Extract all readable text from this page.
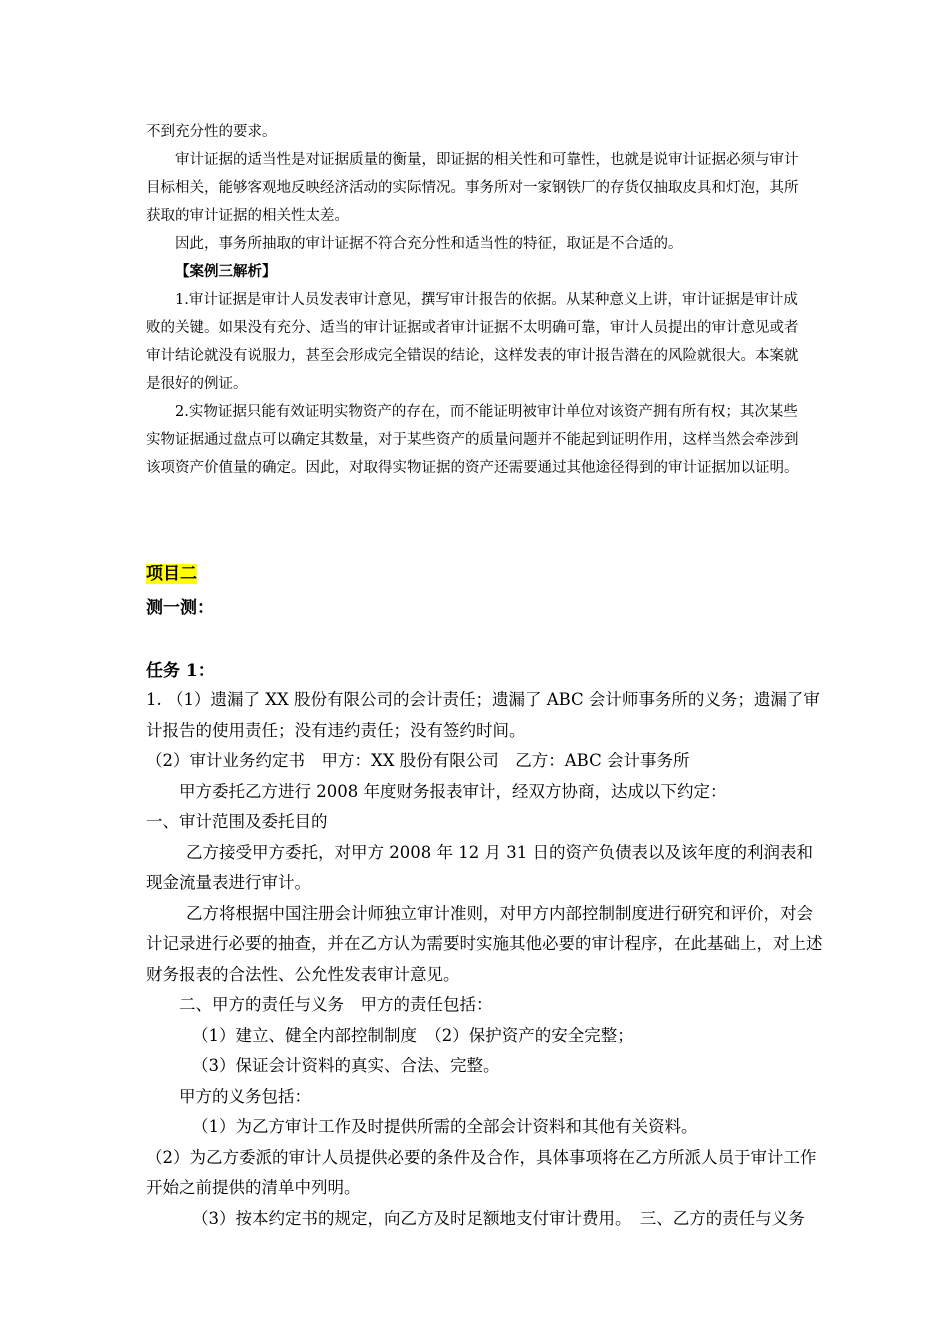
不到充分性的要求。

审计证据的适当性是对证据质量的衡量，即证据的相关性和可靠性，也就是说审计证据必须与审计目标相关，能够客观地反映经济活动的实际情况。事务所对一家钢铁厂的存货仅抽取皮具和灯泡，其所获取的审计证据的相关性太差。

因此，事务所抽取的审计证据不符合充分性和适当性的特征，取证是不合适的。

【案例三解析】

1.审计证据是审计人员发表审计意见，撰写审计报告的依据。从某种意义上讲，审计证据是审计成败的关键。如果没有充分、适当的审计证据或者审计证据不太明确可靠，审计人员提出的审计意见或者审计结论就没有说服力，甚至会形成完全错误的结论，这样发表的审计报告潜在的风险就很大。本案就是很好的例证。

2.实物证据只能有效证明实物资产的存在，而不能证明被审计单位对该资产拥有所有权；其次某些实物证据通过盘点可以确定其数量，对于某些资产的质量问题并不能起到证明作用，这样当然会牵涉到该项资产价值量的确定。因此，对取得实物证据的资产还需要通过其他途径得到的审计证据加以证明。

项目二

测一测：

任务 1：

1. （1）遗漏了 XX 股份有限公司的会计责任；遗漏了 ABC 会计师事务所的义务；遗漏了审计报告的使用责任；没有违约责任；没有签约时间。

（2）审计业务约定书　甲方：XX 股份有限公司　乙方：ABC 会计事务所

甲方委托乙方进行 2008 年度财务报表审计，经双方协商，达成以下约定：

一、审计范围及委托目的

乙方接受甲方委托，对甲方 2008 年 12 月 31 日的资产负债表以及该年度的利润表和现金流量表进行审计。

乙方将根据中国注册会计师独立审计准则，对甲方内部控制制度进行研究和评价，对会计记录进行必要的抽查，并在乙方认为需要时实施其他必要的审计程序，在此基础上，对上述财务报表的合法性、公允性发表审计意见。

二、甲方的责任与义务　甲方的责任包括：

（1）建立、健全内部控制制度　（2）保护资产的安全完整；

（3）保证会计资料的真实、合法、完整。

甲方的义务包括：

（1）为乙方审计工作及时提供所需的全部会计资料和其他有关资料。

（2）为乙方委派的审计人员提供必要的条件及合作，具体事项将在乙方所派人员于审计工作开始之前提供的清单中列明。

（3）按本约定书的规定，向乙方及时足额地支付审计费用。　三、乙方的责任与义务
